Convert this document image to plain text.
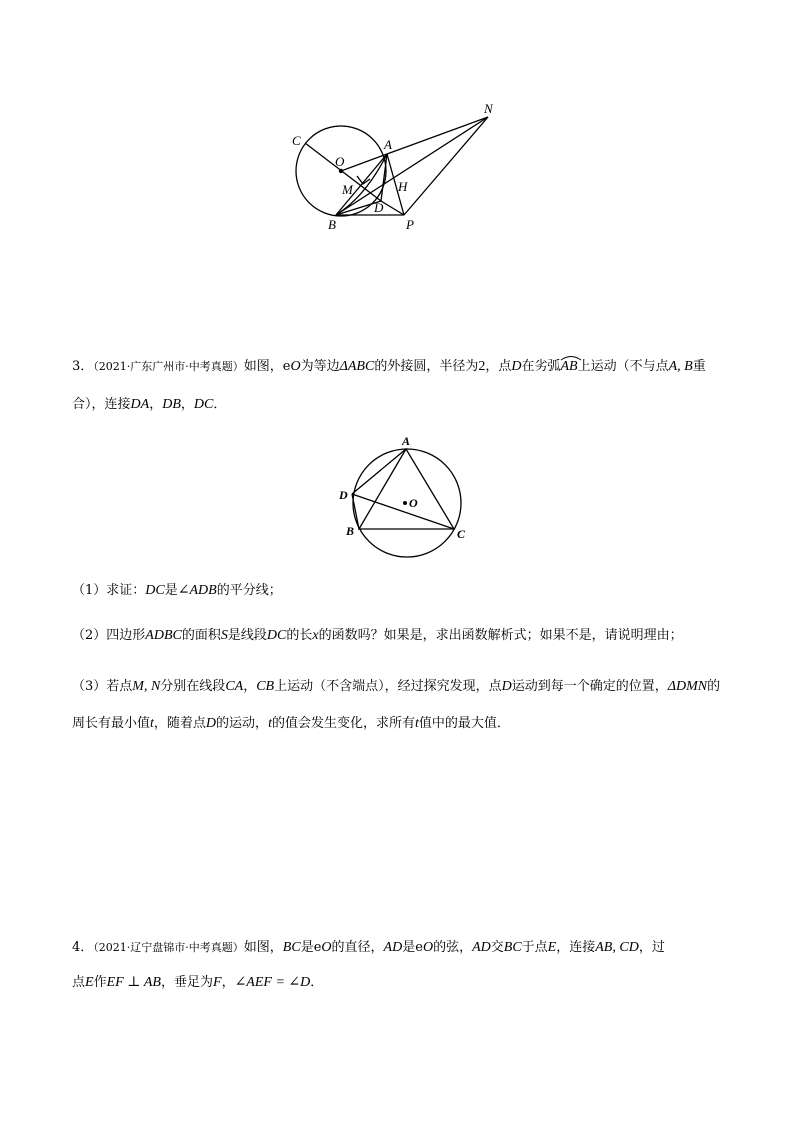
C
O
A
N
M	H
D
B	P
3．（2021·广东广州市·中考真题）如图，eO为等边ΔABC的外接圆，半径为2，点D在劣弧AB
上运动（不与点A, B重
合），连接DA，DB，DC．
A
D
O
B	C
（1）求证：DC是∠ADB的平分线；
（2）四边形ADBC的面积S是线段DC的长x的函数吗？如果是，求出函数解析式；如果不是，请说明理由；
（3）若点M, N分别在线段CA，CB上运动（不含端点），经过探究发现，点D运动到每一个确定的位置，ΔDMN的
周长有最小值t，随着点D的运动，t的值会发生变化，求所有t值中的最大值．
4．（2021·辽宁盘锦市·中考真题）如图，BC是eO的直径，AD是eO的弦，AD交BC于点E，连接AB, CD，过
点E作EF ⊥ AB，垂足为F，∠AEF = ∠D．
